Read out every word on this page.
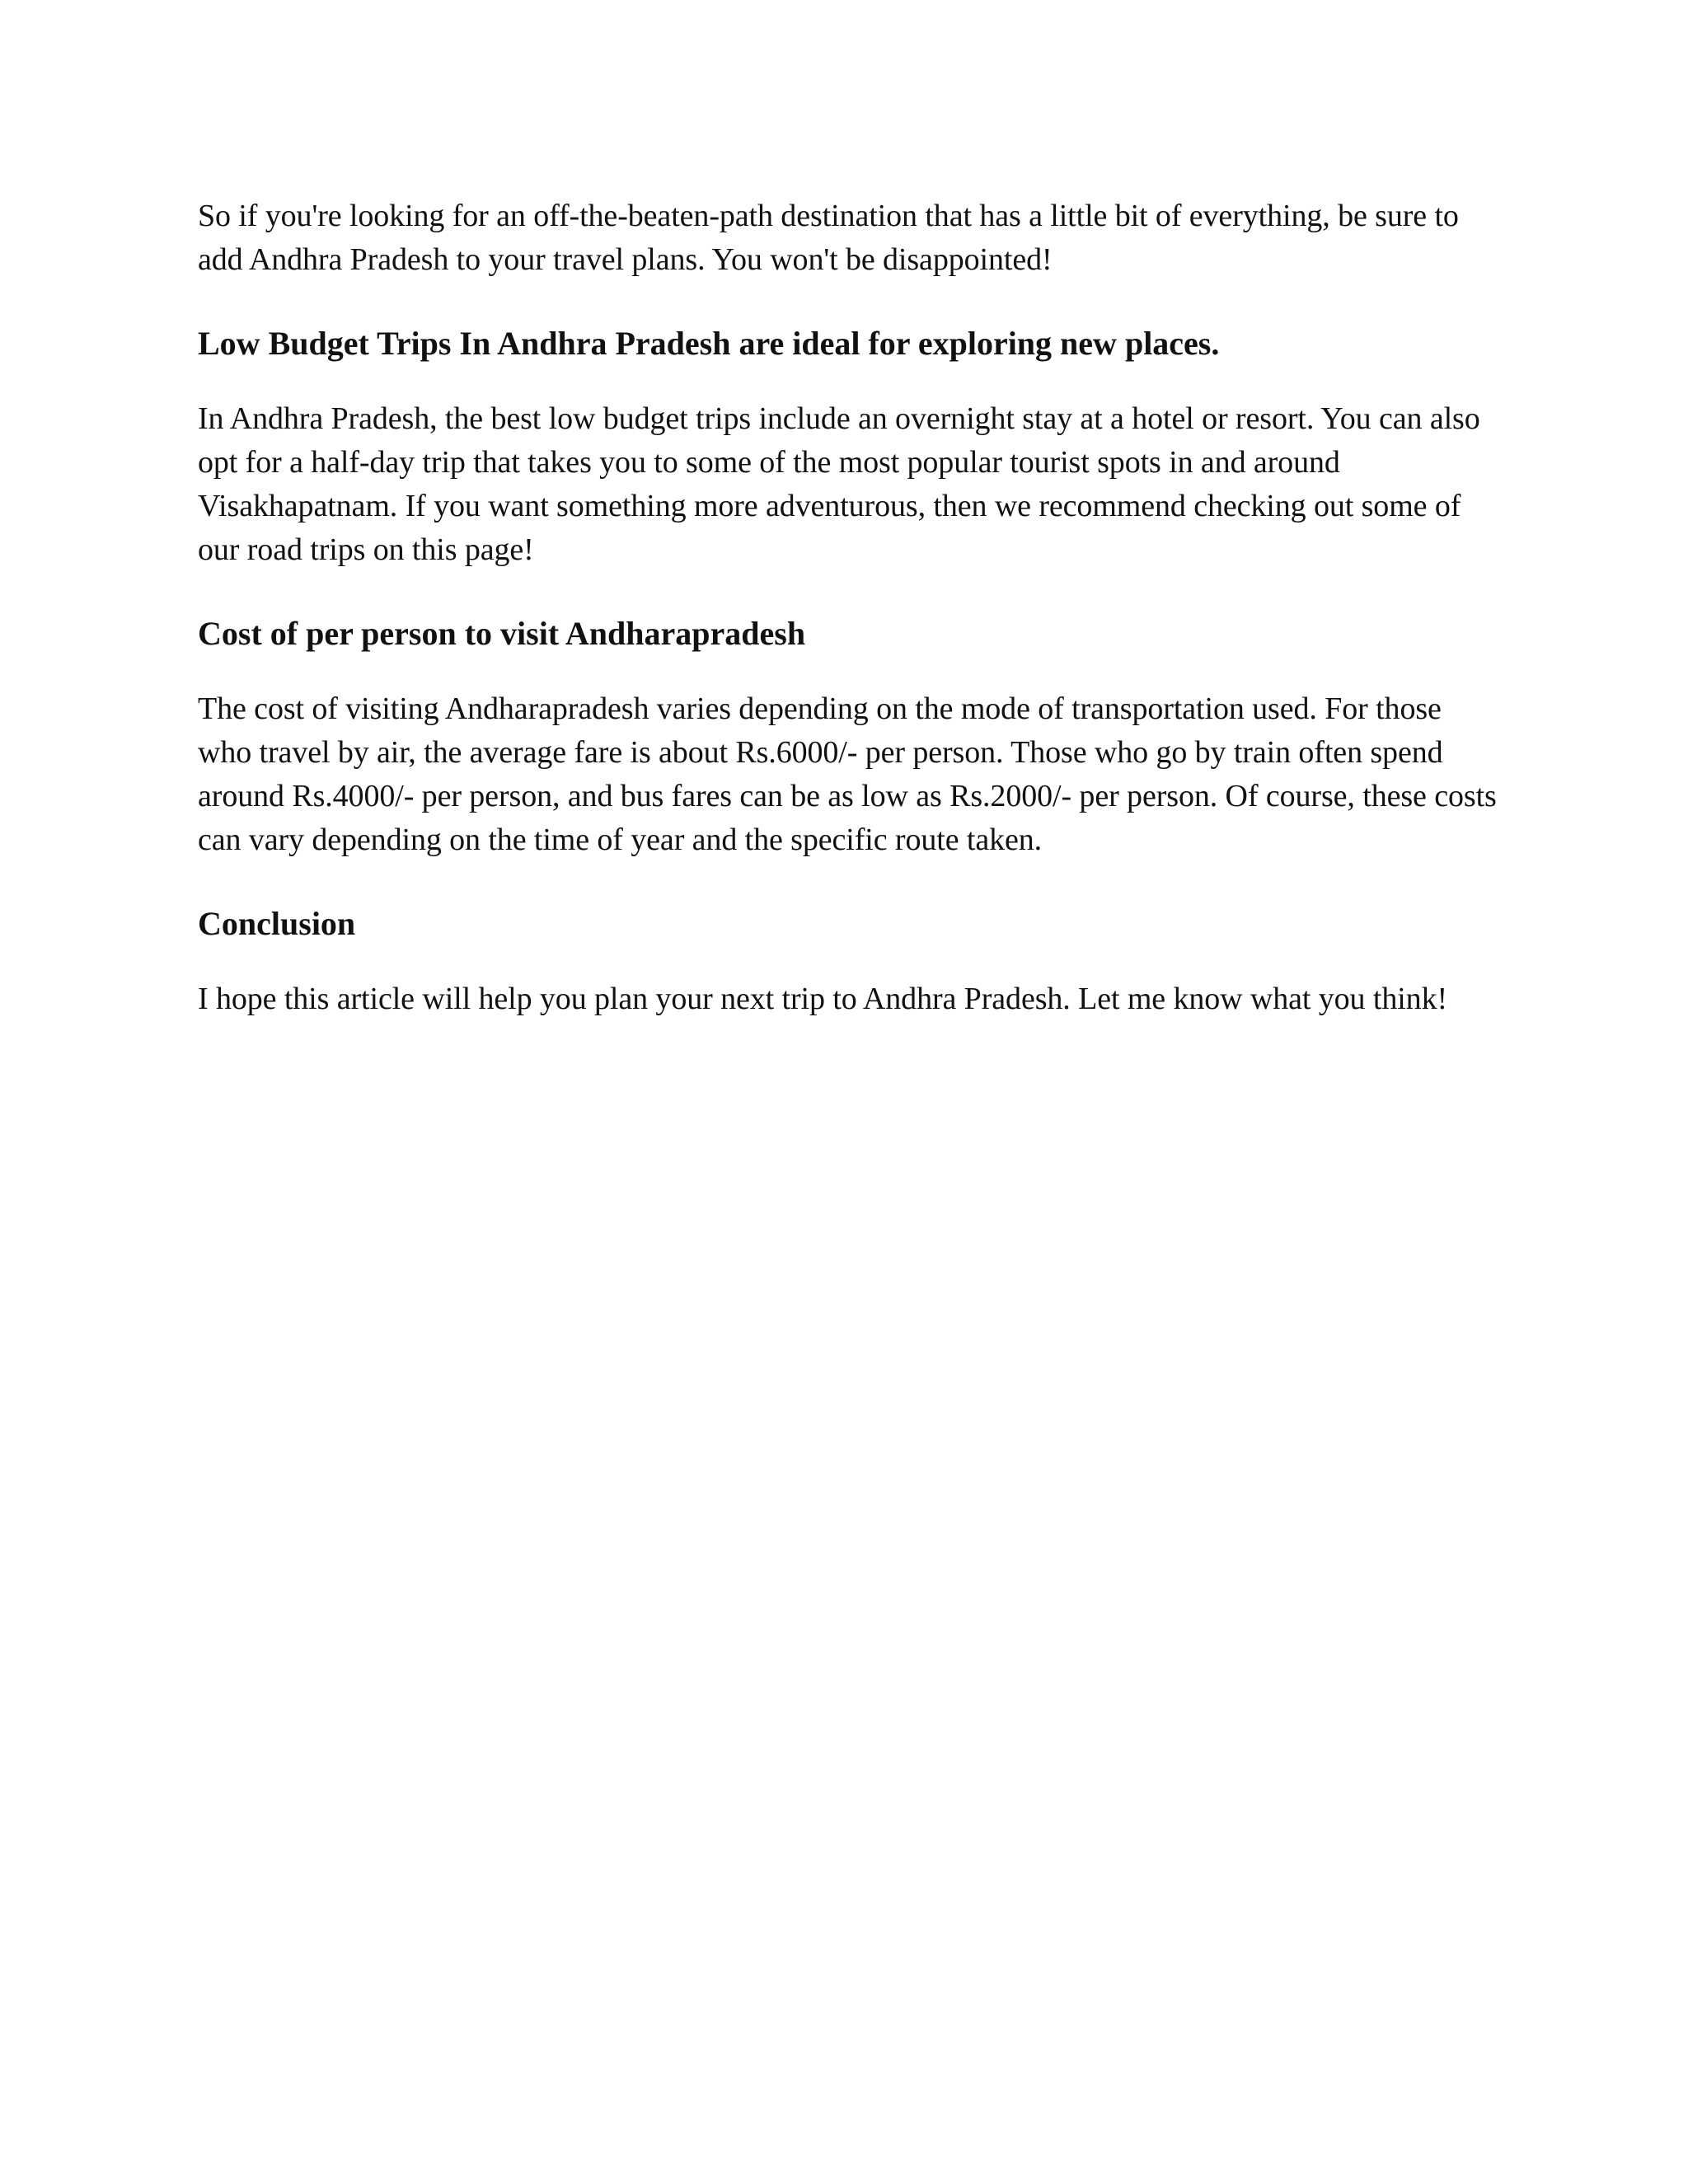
So if you're looking for an off-the-beaten-path destination that has a little bit of everything, be sure to add Andhra Pradesh to your travel plans. You won't be disappointed!

Low Budget Trips In Andhra Pradesh are ideal for exploring new places.

In Andhra Pradesh, the best low budget trips include an overnight stay at a hotel or resort. You can also opt for a half-day trip that takes you to some of the most popular tourist spots in and around Visakhapatnam. If you want something more adventurous, then we recommend checking out some of our road trips on this page!

Cost of per person to visit Andharapradesh

The cost of visiting Andharapradesh varies depending on the mode of transportation used. For those who travel by air, the average fare is about Rs.6000/- per person. Those who go by train often spend around Rs.4000/- per person, and bus fares can be as low as Rs.2000/- per person. Of course, these costs can vary depending on the time of year and the specific route taken.

Conclusion

I hope this article will help you plan your next trip to Andhra Pradesh. Let me know what you think!
